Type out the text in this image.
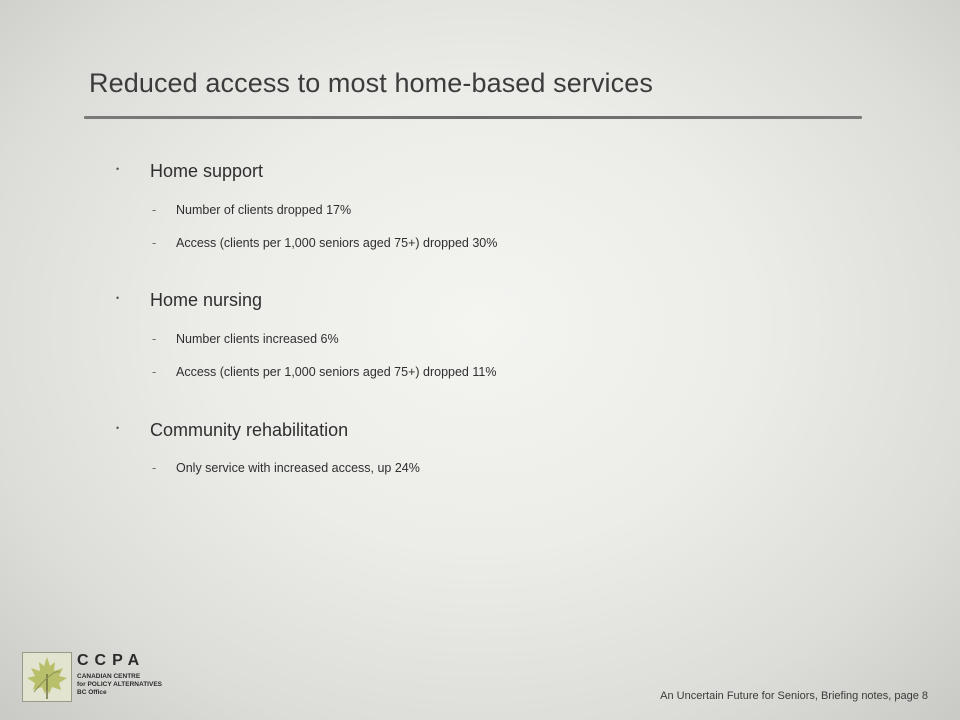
Reduced access to most home-based services
• Home support
- Number of clients dropped 17%
- Access (clients per 1,000 seniors aged 75+) dropped 30%
• Home nursing
- Number clients increased 6%
- Access (clients per 1,000 seniors aged 75+) dropped 11%
• Community rehabilitation
- Only service with increased access, up 24%
CCPA
CANADIAN CENTRE
for POLICY ALTERNATIVES
BC Office	An Uncertain Future for Seniors, Briefing notes, page 8
